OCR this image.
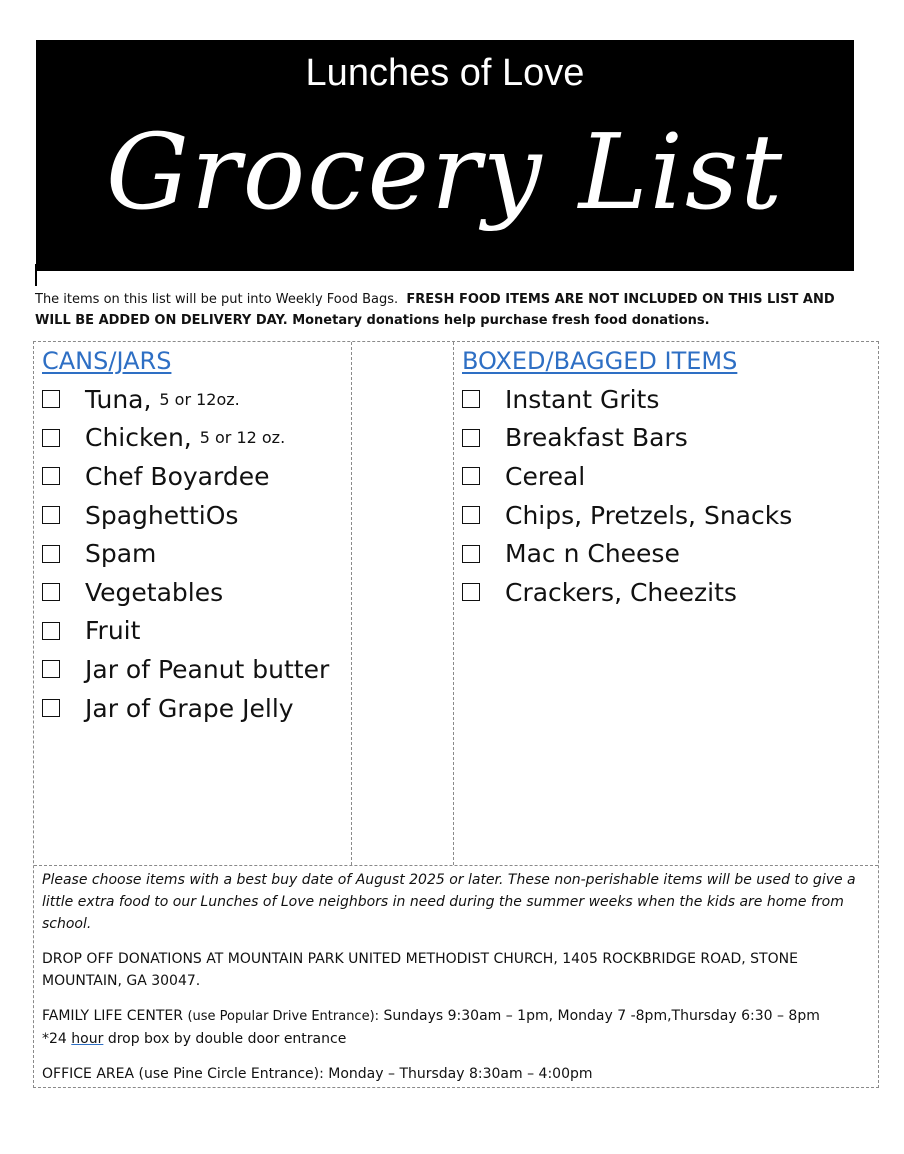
Lunches of Love
Grocery List
The items on this list will be put into Weekly Food Bags. FRESH FOOD ITEMS ARE NOT INCLUDED ON THIS LIST AND WILL BE ADDED ON DELIVERY DAY. Monetary donations help purchase fresh food donations.
CANS/JARS
Tuna,
5 or 12oz.
Chicken,
5 or 12 oz.
Chef Boyardee
SpaghettiOs
Spam
Vegetables
Fruit
Jar of Peanut butter
Jar of Grape Jelly
BOXED/BAGGED ITEMS
Instant Grits
Breakfast Bars
Cereal
Chips, Pretzels, Snacks
Mac n Cheese
Crackers, Cheezits

Please choose items with a best buy date of August 2025 or later. These non-perishable items will be used to give a little extra food to our Lunches of Love neighbors in need during the summer weeks when the kids are home from school.

DROP OFF DONATIONS AT MOUNTAIN PARK UNITED METHODIST CHURCH, 1405 ROCKBRIDGE ROAD, STONE MOUNTAIN, GA 30047.

FAMILY LIFE CENTER (use Popular Drive Entrance): Sundays 9:30am – 1pm, Monday 7 -8pm,Thursday 6:30 – 8pm

*24 hour drop box by double door entrance

OFFICE AREA (use Pine Circle Entrance): Monday – Thursday 8:30am – 4:00pm
